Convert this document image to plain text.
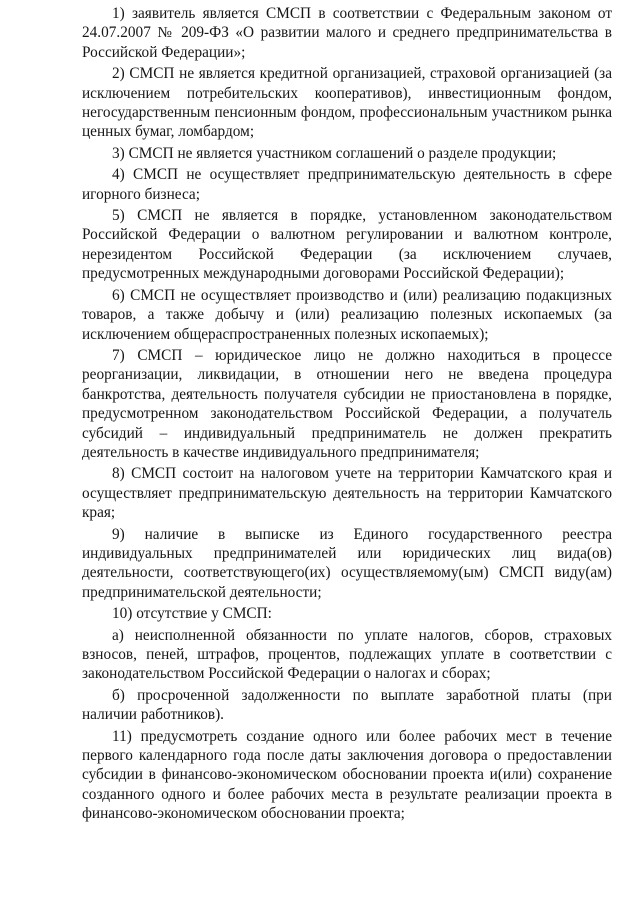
1) заявитель является СМСП в соответствии с Федеральным законом от 24.07.2007 № 209-ФЗ «О развитии малого и среднего предпринимательства в Российской Федерации»;

2) СМСП не является кредитной организацией, страховой организацией (за исключением потребительских кооперативов), инвестиционным фондом, негосударственным пенсионным фондом, профессиональным участником рынка ценных бумаг, ломбардом;

3) СМСП не является участником соглашений о разделе продукции;

4) СМСП не осуществляет предпринимательскую деятельность в сфере игорного бизнеса;

5) СМСП не является в порядке, установленном законодательством Российской Федерации о валютном регулировании и валютном контроле, нерезидентом Российской Федерации (за исключением случаев, предусмотренных международными договорами Российской Федерации);

6) СМСП не осуществляет производство и (или) реализацию подакцизных товаров, а также добычу и (или) реализацию полезных ископаемых (за исключением общераспространенных полезных ископаемых);

7) СМСП – юридическое лицо не должно находиться в процессе реорганизации, ликвидации, в отношении него не введена процедура банкротства, деятельность получателя субсидии не приостановлена в порядке, предусмотренном законодательством Российской Федерации, а получатель субсидий – индивидуальный предприниматель не должен прекратить деятельность в качестве индивидуального предпринимателя;

8) СМСП состоит на налоговом учете на территории Камчатского края и осуществляет предпринимательскую деятельность на территории Камчатского края;

9) наличие в выписке из Единого государственного реестра индивидуальных предпринимателей или юридических лиц вида(ов) деятельности, соответствующего(их) осуществляемому(ым) СМСП виду(ам) предпринимательской деятельности;

10) отсутствие у СМСП:

а) неисполненной обязанности по уплате налогов, сборов, страховых взносов, пеней, штрафов, процентов, подлежащих уплате в соответствии с законодательством Российской Федерации о налогах и сборах;

б) просроченной задолженности по выплате заработной платы (при наличии работников).

11) предусмотреть создание одного или более рабочих мест в течение первого календарного года после даты заключения договора о предоставлении субсидии в финансово-экономическом обосновании проекта и(или) сохранение созданного одного и более рабочих места в результате реализации проекта в финансово-экономическом обосновании проекта;
